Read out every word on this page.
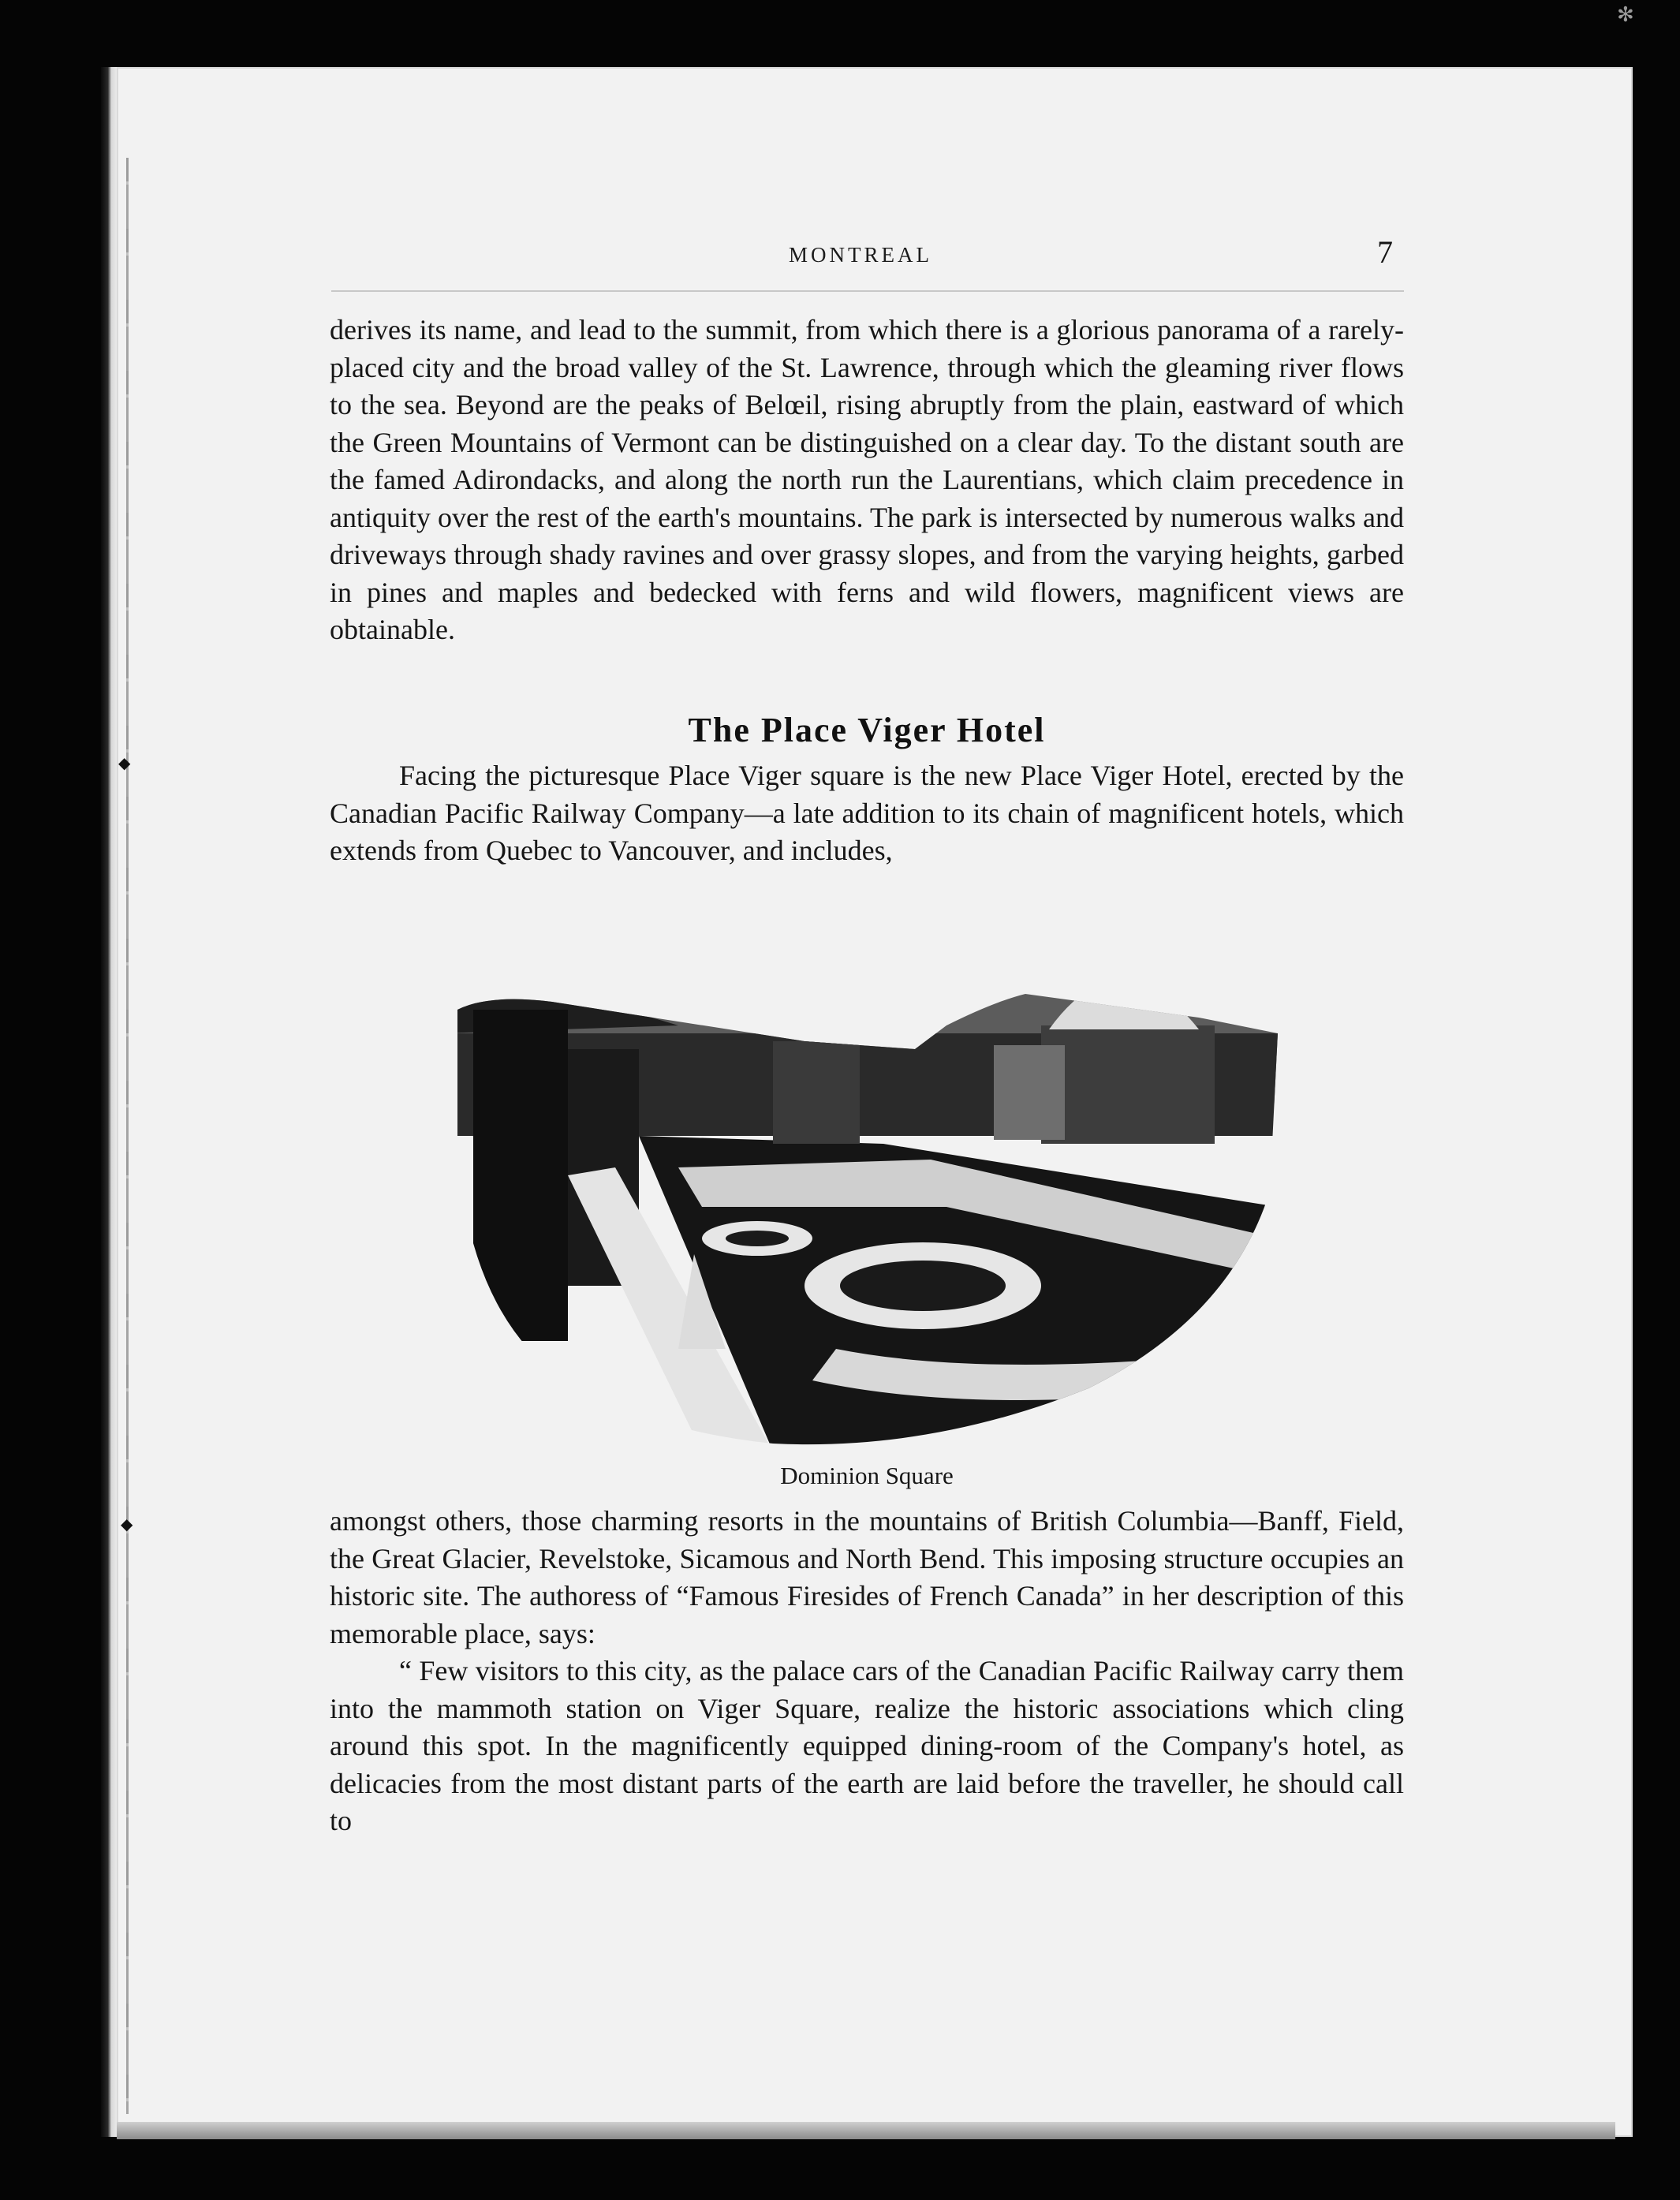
✻
◆
◆
MONTREAL	7

derives its name, and lead to the summit, from which there is a glorious panorama of a rarely-placed city and the broad valley of the St. Lawrence, through which the gleaming river flows to the sea. Beyond are the peaks of Belœil, rising abruptly from the plain, eastward of which the Green Mountains of Vermont can be distinguished on a clear day. To the distant south are the famed Adirondacks, and along the north run the Laurentians, which claim precedence in antiquity over the rest of the earth's mountains. The park is intersected by numerous walks and driveways through shady ravines and over grassy slopes, and from the varying heights, garbed in pines and maples and bedecked with ferns and wild flowers, magnificent views are obtainable.

The Place Viger Hotel

Facing the picturesque Place Viger square is the new Place Viger Hotel, erected by the Canadian Pacific Railway Company—a late addition to its chain of magnificent hotels, which extends from Quebec to Vancouver, and includes,

Dominion Square

amongst others, those charming resorts in the mountains of British Columbia—Banff, Field, the Great Glacier, Revelstoke, Sicamous and North Bend. This imposing structure occupies an historic site. The authoress of “Famous Firesides of French Canada” in her description of this memorable place, says:

“ Few visitors to this city, as the palace cars of the Canadian Pacific Railway carry them into the mammoth station on Viger Square, realize the historic associations which cling around this spot. In the magnificently equipped dining-room of the Company's hotel, as delicacies from the most distant parts of the earth are laid before the traveller, he should call to
